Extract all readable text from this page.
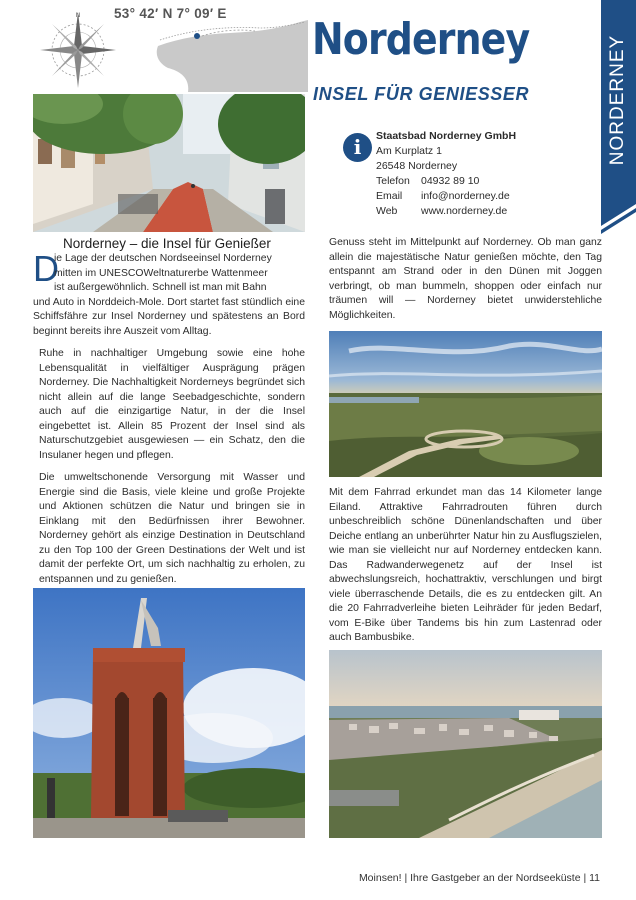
N	53° 42′ N 7° 09′ E
Norderney
INSEL FÜR GENIESSER	NORDERNEY
i	Staatsbad Norderney GmbH
Am Kurplatz 1
26548 Norderney
Telefon	04932 89 10
Email	info@norderney.de
Web	www.norderney.de
Norderney – die Insel für Genießer
D
ie Lage der deutschen Nordseeinsel Norderney
mitten im UNESCOWeltnaturerbe Wattenmeer
ist außergewöhnlich. Schnell ist man mit Bahn
und Auto in Norddeich-Mole. Dort startet fast stündlich eine Schiffsfähre zur Insel Norderney und spätestens an Bord beginnt bereits ihre Auszeit vom Alltag.

Ruhe in nachhaltiger Umgebung sowie eine hohe Lebensqualität in vielfältiger Ausprägung prägen Norderney. Die Nachhaltigkeit Norderneys begründet sich nicht allein auf die lange Seebadgeschichte, sondern auch auf die einzigartige Natur, in der die Insel eingebettet ist. Allein 85 Prozent der Insel sind als Naturschutzgebiet ausgewiesen — ein Schatz, den die Insulaner hegen und pflegen.

Die umweltschonende Versorgung mit Wasser und Energie sind die Basis, viele kleine und große Projekte und Aktionen schützen die Natur und bringen sie in Einklang mit den Bedürfnissen ihrer Bewohner. Norderney gehört als einzige Destination in Deutschland zu den Top 100 der Green Destinations der Welt und ist damit der perfekte Ort, um sich nachhaltig zu erholen, zu entspannen und zu genießen.

Genuss steht im Mittelpunkt auf Norderney. Ob man ganz allein die majestätische Natur genießen möchte, den Tag entspannt am Strand oder in den Dünen mit Joggen verbringt, ob man bummeln, shoppen oder einfach nur träumen will — Norderney bietet unwiderstehliche Möglichkeiten.

Mit dem Fahrrad erkundet man das 14 Kilometer lange Eiland. Attraktive Fahrradrouten führen durch unbeschreiblich schöne Dünenlandschaften und über Deiche entlang an unberührter Natur hin zu Ausflugszielen, wie man sie vielleicht nur auf Norderney entdecken kann. Das Radwanderwegenetz auf der Insel ist abwechslungsreich, hochattraktiv, verschlungen und birgt viele überraschende Details, die es zu entdecken gilt. An die 20 Fahrradverleihe bieten Leihräder für jeden Bedarf, vom E-Bike über Tandems bis hin zum Lastenrad oder auch Bambusbike.

Moinsen! | Ihre Gastgeber an der Nordseeküste | 11
